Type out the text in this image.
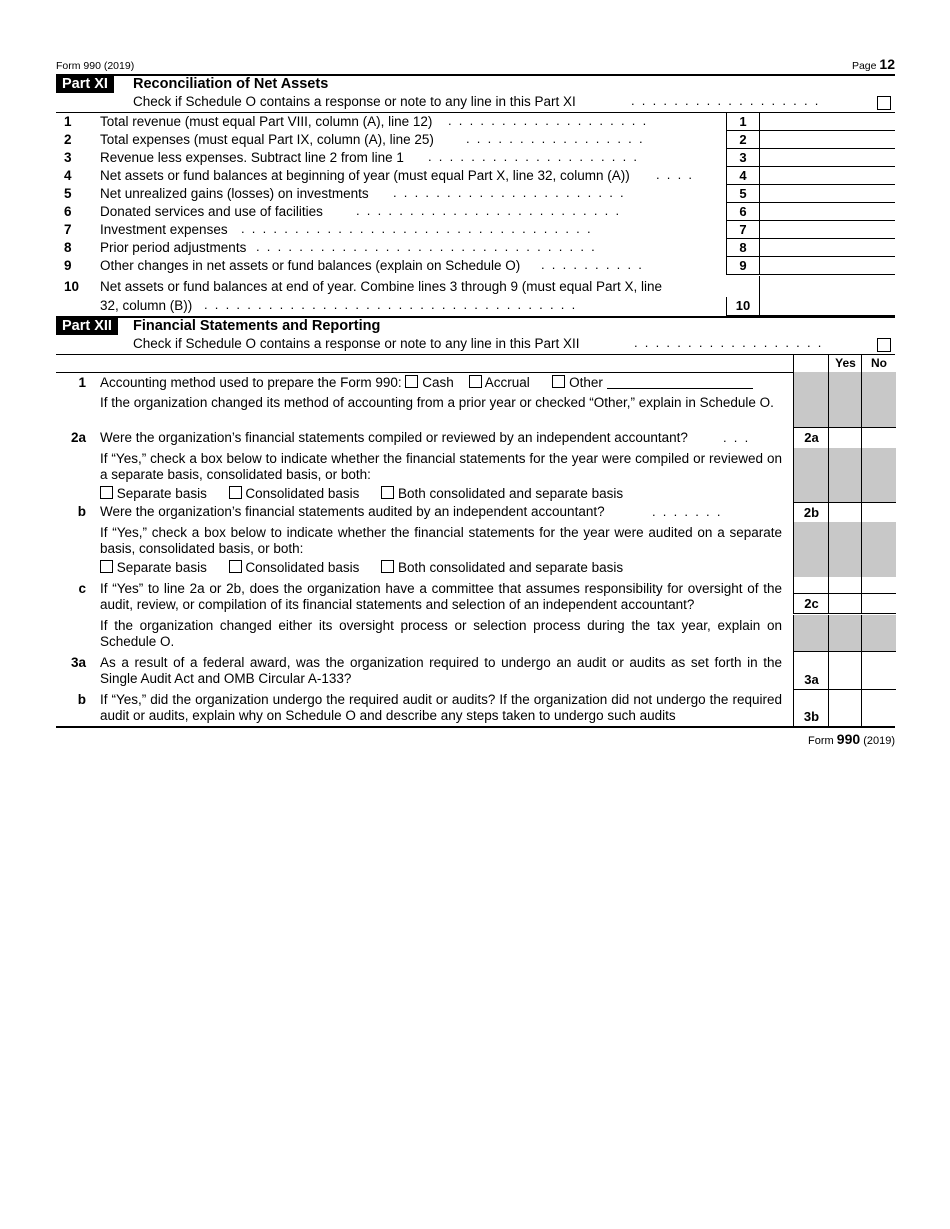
Form 990 (2019)	Page 12
Part XI	Reconciliation of Net Assets
Check if Schedule O contains a response or note to any line in this Part XI	..................
1 Total revenue (must equal Part VIII, column (A), line 12) ...................	1
2 Total expenses (must equal Part IX, column (A), line 25) .................	2
3 Revenue less expenses. Subtract line 2 from line 1 ....................	3
4 Net assets or fund balances at beginning of year (must equal Part X, line 32, column (A)) ....	4
5 Net unrealized gains (losses) on investments ......................	5
6 Donated services and use of facilities	.........................	6
7 Investment expenses .................................	7
8 Prior period adjustments ................................	8
9 Other changes in net assets or fund balances (explain on Schedule O) ..........	9
10 Net assets or fund balances at end of year. Combine lines 3 through 9 (must equal Part X, line
32, column (B)) ...................................	10
Part XII	Financial Statements and Reporting
Check if Schedule O contains a response or note to any line in this Part XII	..................
Yes	No
1 Accounting method used to prepare the Form 990: Cash Accrual	Other
If the organization changed its method of accounting from a prior year or checked “Other,” explain in Schedule O.
2a Were the organization’s financial statements compiled or reviewed by an independent accountant?	...	2a
If “Yes,” check a box below to indicate whether the financial statements for the year were compiled or reviewed on a separate basis, consolidated basis, or both:
Separate basis	Consolidated basis	Both consolidated and separate basis
b Were the organization’s financial statements audited by an independent accountant?	.......	2b
If “Yes,” check a box below to indicate whether the financial statements for the year were audited on a separate basis, consolidated basis, or both:
Separate basis	Consolidated basis	Both consolidated and separate basis
c If “Yes” to line 2a or 2b, does the organization have a committee that assumes responsibility for oversight of the audit, review, or compilation of its financial statements and selection of an independent accountant?	2c
If the organization changed either its oversight process or selection process during the tax year, explain on Schedule O.
3a As a result of a federal award, was the organization required to undergo an audit or audits as set forth in the Single Audit Act and OMB Circular A-133?	3a
b If “Yes,” did the organization undergo the required audit or audits? If the organization did not undergo the required audit or audits, explain why on Schedule O and describe any steps taken to undergo such audits	3b
Form 990 (2019)
